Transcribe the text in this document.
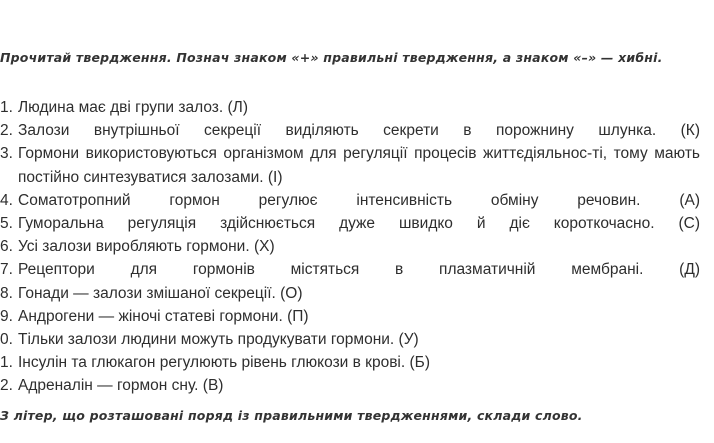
Прочитай твердження. Познач знаком «+» правильні твердження, а знаком «–» — хибні.

1. Людина має дві групи залоз. (Л)
2. Залози внутрішньої секреції виділяють секрети в порожнину шлунка. (К)
3. Гормони використовуються організмом для регуляції процесів життєдіяльнос-ті, тому мають постійно синтезуватися залозами. (І)
4. Соматотропний гормон регулює інтенсивність обміну речовин. (А)
5. Гуморальна регуляція здійснюється дуже швидко й діє короткочасно. (С)
6. Усі залози виробляють гормони. (Х)
7. Рецептори для гормонів містяться в плазматичній мембрані. (Д)
8. Гонади — залози змішаної секреції. (О)
9. Андрогени — жіночі статеві гормони. (П)
0. Тільки залози людини можуть продукувати гормони. (У)
1. Інсулін та глюкагон регулюють рівень глюкози в крові. (Б)
2. Адреналін — гормон сну. (В)

З літер, що розташовані поряд із правильними твердженнями, склади слово.
